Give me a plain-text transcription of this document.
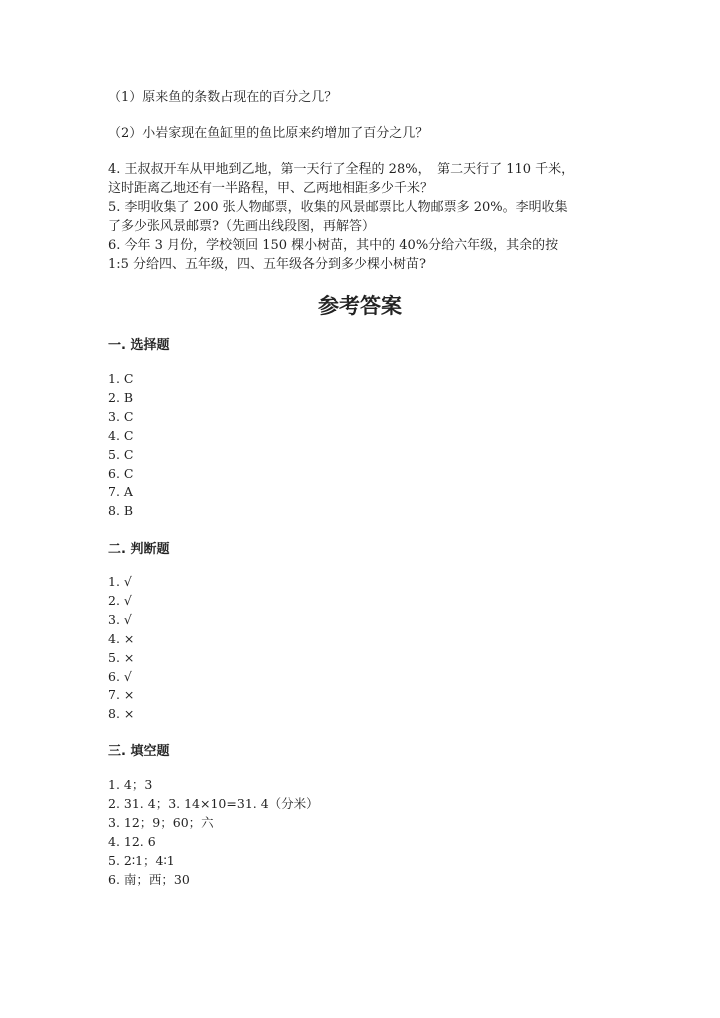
（1）原来鱼的条数占现在的百分之几？

（2）小岩家现在鱼缸里的鱼比原来约增加了百分之几？

4. 王叔叔开车从甲地到乙地，第一天行了全程的 28%，　第二天行了 110 千米，

这时距离乙地还有一半路程，甲、乙两地相距多少千米？

5. 李明收集了 200 张人物邮票，收集的风景邮票比人物邮票多 20%。李明收集

了多少张风景邮票?（先画出线段图，再解答）

6. 今年 3 月份，学校领回 150 棵小树苗，其中的 40%分给六年级，其余的按

1:5 分给四、五年级，四、五年级各分到多少棵小树苗?

参考答案
一. 选择题
1. C
2. B
3. C
4. C
5. C
6. C
7. A
8. B
二. 判断题
1. √
2. √
3. √
4. ×
5. ×
6. √
7. ×
8. ×
三. 填空题
1. 4；3
2. 31. 4；3. 14×10=31. 4（分米）
3. 12；9；60；六
4. 12. 6
5. 2∶1；4∶1
6. 南；西；30
